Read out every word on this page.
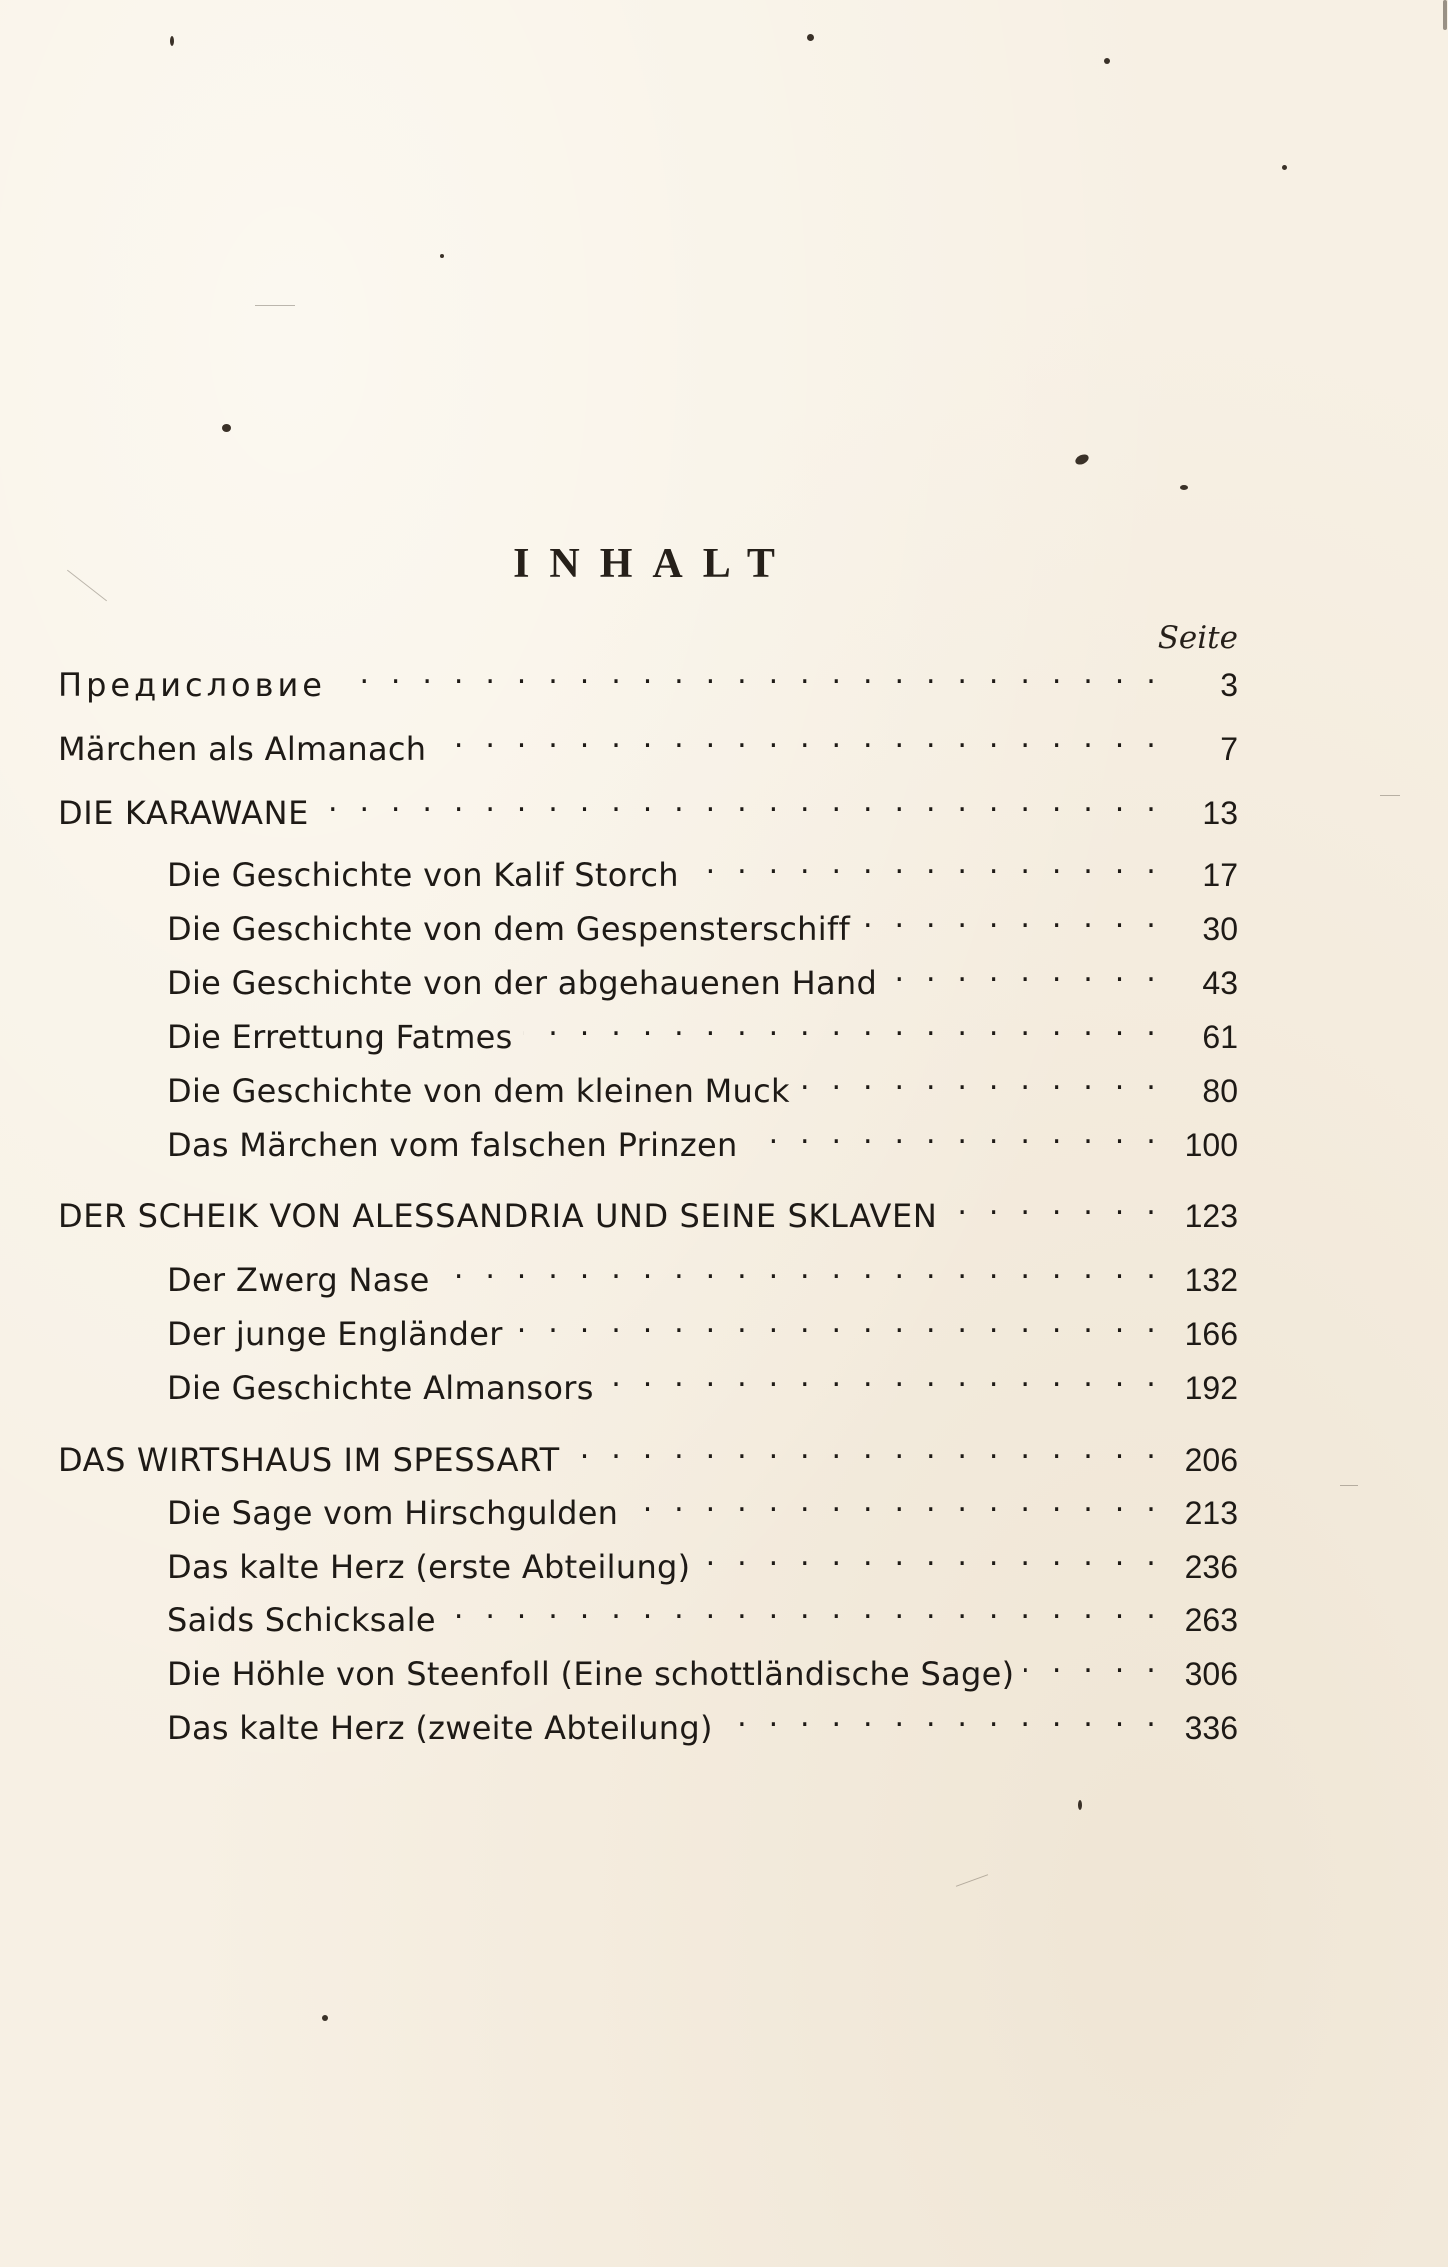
INHALT
Seite
Предисловие . . .	3
Märchen als Almanach . . .	7
DIE KARAWANE . . .	13
Die Geschichte von Kalif Storch . . .	17
Die Geschichte von dem Gespensterschiff . . .	30
Die Geschichte von der abgehauenen Hand . . .	43
Die Errettung Fatmes . . .	61
Die Geschichte von dem kleinen Muck . . .	80
Das Märchen vom falschen Prinzen . . .	100
DER SCHEIK VON ALESSANDRIA UND SEINE SKLAVEN . . .	123
Der Zwerg Nase . . .	132
Der junge Engländer . . .	166
Die Geschichte Almansors . . .	192
DAS WIRTSHAUS IM SPESSART . . .	206
Die Sage vom Hirschgulden . . .	213
Das kalte Herz (erste Abteilung) . . .	236
Saids Schicksale . . .	263
Die Höhle von Steenfoll (Eine schottländische Sage) . . .	306
Das kalte Herz (zweite Abteilung) . . .	336
